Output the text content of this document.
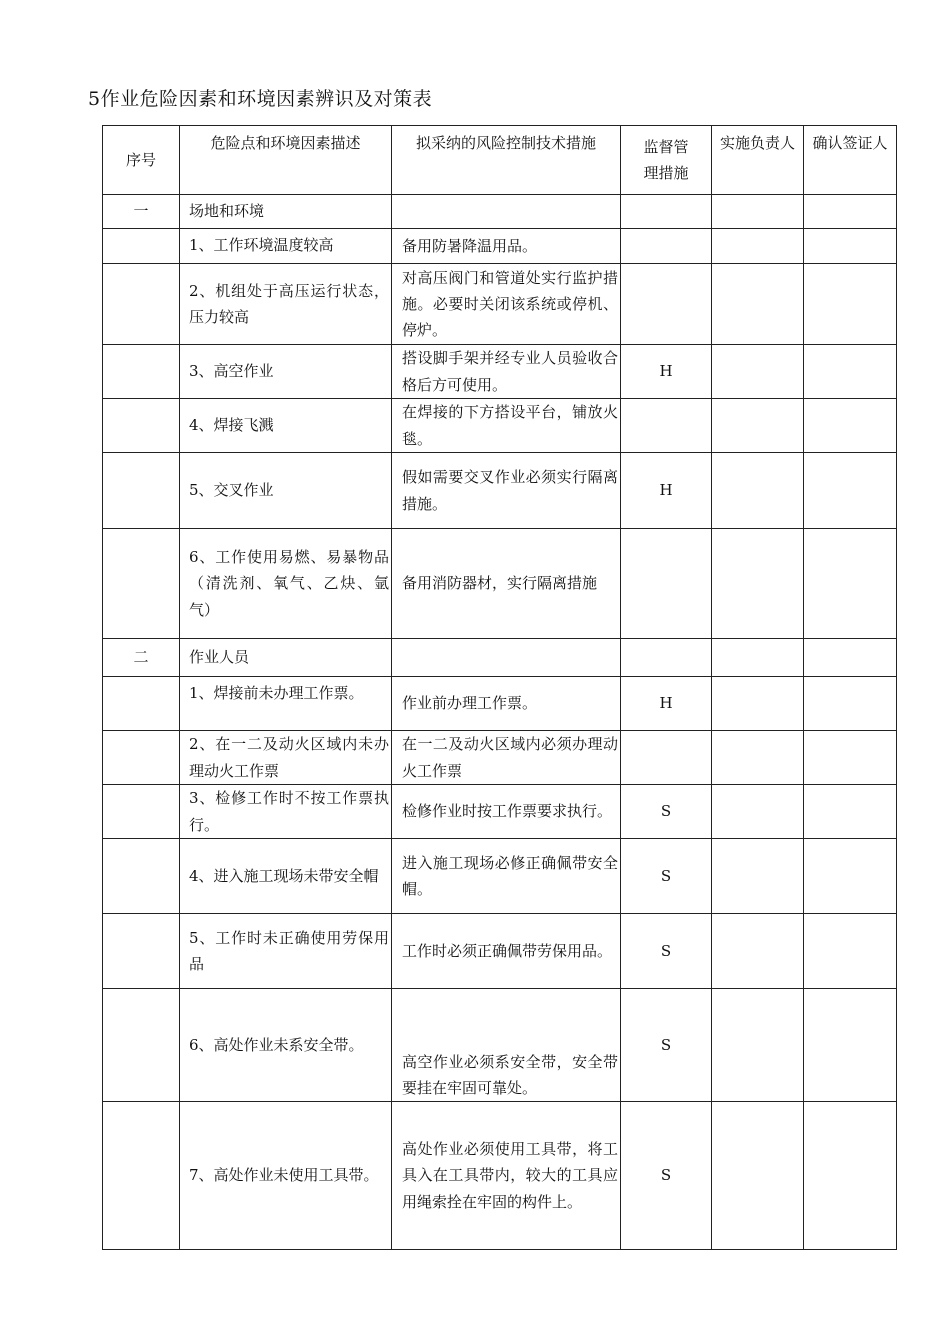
5作业危险因素和环境因素辨识及对策表
序号	危险点和环境因素描述	拟采纳的风险控制技术措施	监督管理措施	实施负责人	确认签证人
一	场地和环境				
	1、工作环境温度较高	备用防暑降温用品。			
	2、机组处于高压运行状态，压力较高	对高压阀门和管道处实行监护措施。必要时关闭该系统或停机、停炉。			
	3、高空作业	搭设脚手架并经专业人员验收合格后方可使用。	H		
	4、焊接飞溅	在焊接的下方搭设平台，铺放火毯。			
	5、交叉作业	假如需要交叉作业必须实行隔离措施。	H		
	6、工作使用易燃、易暴物品（清洗剂、氧气、乙炔、氩气）	备用消防器材，实行隔离措施			
二	作业人员				
	1、焊接前未办理工作票。	作业前办理工作票。	H		
	2、在一二及动火区域内未办理动火工作票	在一二及动火区域内必须办理动火工作票			
	3、检修工作时不按工作票执行。	检修作业时按工作票要求执行。	S		
	4、进入施工现场未带安全帽	进入施工现场必修正确佩带安全帽。	S		
	5、工作时未正确使用劳保用品	工作时必须正确佩带劳保用品。	S		
	6、高处作业未系安全带。	高空作业必须系安全带，安全带要挂在牢固可靠处。	S		
	7、高处作业未使用工具带。	高处作业必须使用工具带，将工具入在工具带内，较大的工具应用绳索拴在牢固的构件上。	S		
